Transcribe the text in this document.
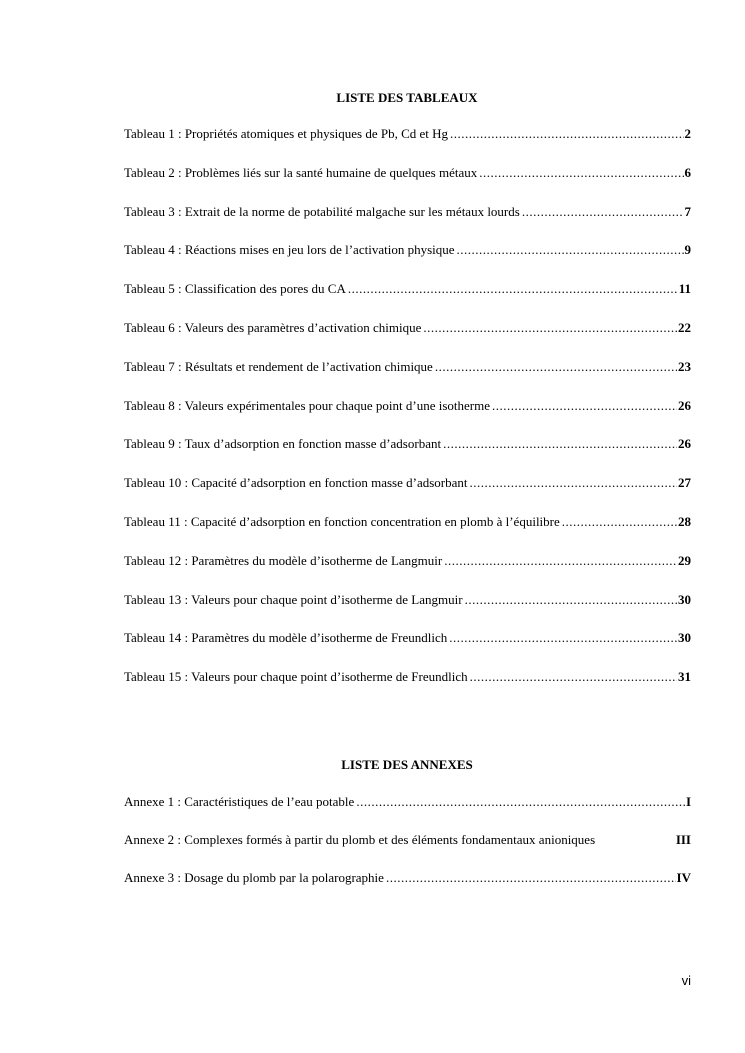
LISTE DES TABLEAUX
Tableau 1 : Propriétés atomiques et physiques de Pb, Cd et Hg .....	2
Tableau 2 : Problèmes liés sur la santé humaine de quelques métaux .....	6
Tableau 3 : Extrait de la norme de potabilité malgache sur les métaux lourds .....	7
Tableau 4 : Réactions mises en jeu lors de l’activation physique .....	9
Tableau 5 : Classification des pores du CA .....	11
Tableau 6 : Valeurs des paramètres d’activation chimique .....	22
Tableau 7 : Résultats et rendement de l’activation chimique .....	23
Tableau 8 : Valeurs expérimentales pour chaque point d’une isotherme .....	26
Tableau 9 : Taux d’adsorption en fonction masse d’adsorbant .....	26
Tableau 10 : Capacité d’adsorption en fonction masse d’adsorbant .....	27
Tableau 11 : Capacité d’adsorption en fonction concentration en plomb à l’équilibre .....	28
Tableau 12 : Paramètres du modèle d’isotherme de Langmuir .....	29
Tableau 13 : Valeurs pour chaque point d’isotherme de Langmuir .....	30
Tableau 14 : Paramètres du modèle d’isotherme de Freundlich .....	30
Tableau 15 : Valeurs pour chaque point d’isotherme de Freundlich .....	31
LISTE DES ANNEXES
Annexe 1 : Caractéristiques de l’eau potable .....	I
Annexe 2 : Complexes formés à partir du plomb et des éléments fondamentaux anioniques	III
Annexe 3 : Dosage du plomb par la polarographie .....	IV
vi
